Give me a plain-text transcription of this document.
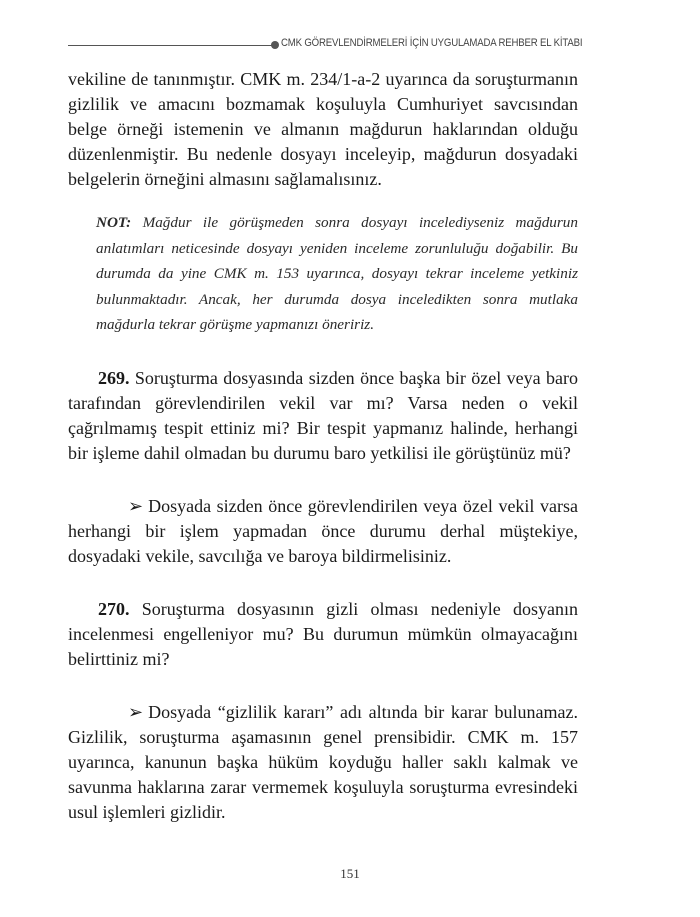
CMK GÖREVLENDİRMELERİ İÇİN UYGULAMADA REHBER EL KİTABI

vekiline de tanınmıştır. CMK m. 234/1-a-2 uyarınca da soruşturmanın gizlilik ve amacını bozmamak koşuluyla Cumhuriyet savcısından belge örneği istemenin ve almanın mağdurun haklarından olduğu düzenlenmiştir. Bu nedenle dosyayı inceleyip, mağdurun dosyadaki belgelerin örneğini almasını sağlamalısınız.

NOT: Mağdur ile görüşmeden sonra dosyayı incelediyseniz mağdurun anlatımları neticesinde dosyayı yeniden inceleme zorunluluğu doğabilir. Bu durumda da yine CMK m. 153 uyarınca, dosyayı tekrar inceleme yetkiniz bulunmaktadır. Ancak, her durumda dosya inceledikten sonra mutlaka mağdurla tekrar görüşme yapmanızı öneririz.

269. Soruşturma dosyasında sizden önce başka bir özel veya baro tarafından görevlendirilen vekil var mı? Varsa neden o vekil çağrılmamış tespit ettiniz mi? Bir tespit yapmanız halinde, herhangi bir işleme dahil olmadan bu durumu baro yetkilisi ile görüştünüz mü?

➢ Dosyada sizden önce görevlendirilen veya özel vekil varsa herhangi bir işlem yapmadan önce durumu derhal müştekiye, dosyadaki vekile, savcılığa ve baroya bildirmelisiniz.

270. Soruşturma dosyasının gizli olması nedeniyle dosyanın incelenmesi engelleniyor mu? Bu durumun mümkün olmayacağını belirttiniz mi?

➢ Dosyada “gizlilik kararı” adı altında bir karar bulunamaz. Gizlilik, soruşturma aşamasının genel prensibidir. CMK m. 157 uyarınca, kanunun başka hüküm koyduğu haller saklı kalmak ve savunma haklarına zarar vermemek koşuluyla soruşturma evresindeki usul işlemleri gizlidir.

151
